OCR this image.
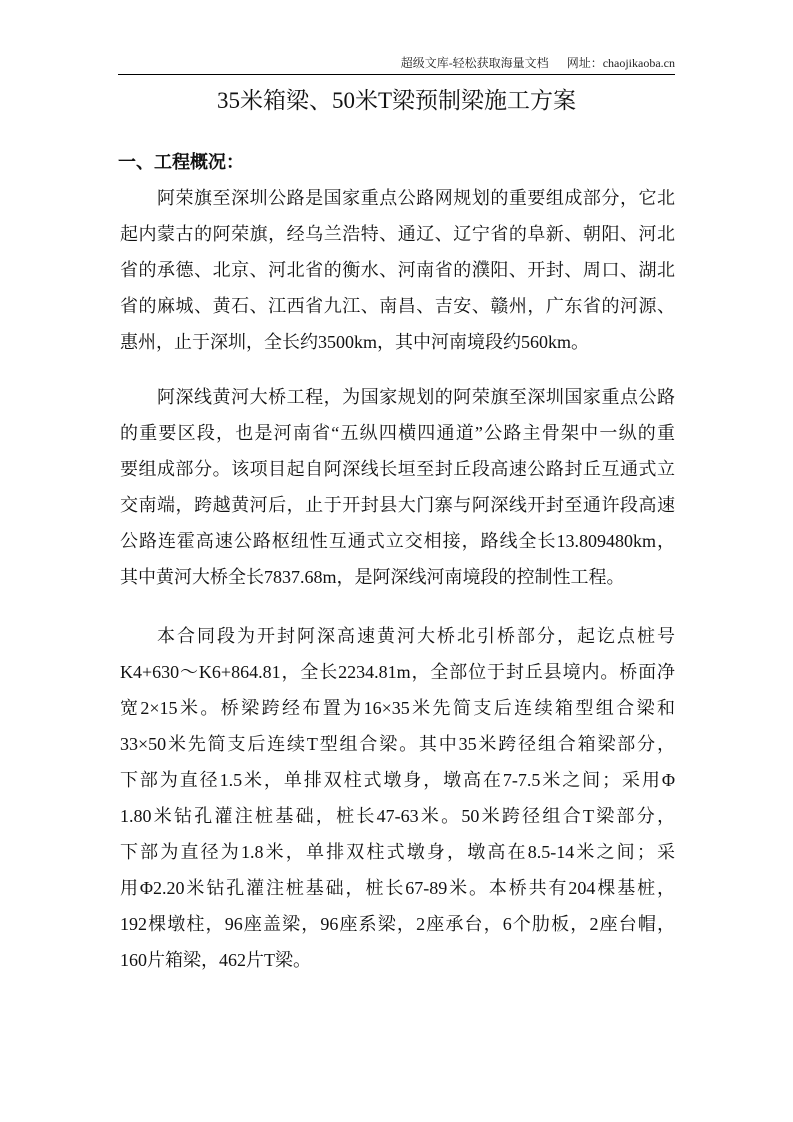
超级文库-轻松获取海量文档 网址：chaojikaoba.cn
35米箱梁、50米T梁预制梁施工方案
一、工程概况：
阿荣旗至深圳公路是国家重点公路网规划的重要组成部分，它北
起内蒙古的阿荣旗，经乌兰浩特、通辽、辽宁省的阜新、朝阳、河北
省的承德、北京、河北省的衡水、河南省的濮阳、开封、周口、湖北
省的麻城、黄石、江西省九江、南昌、吉安、赣州，广东省的河源、
惠州，止于深圳，全长约3500km，其中河南境段约560km。
阿深线黄河大桥工程，为国家规划的阿荣旗至深圳国家重点公路
的重要区段，也是河南省“五纵四横四通道”公路主骨架中一纵的重
要组成部分。该项目起自阿深线长垣至封丘段高速公路封丘互通式立
交南端，跨越黄河后，止于开封县大门寨与阿深线开封至通许段高速
公路连霍高速公路枢纽性互通式立交相接，路线全长13.809480km，
其中黄河大桥全长7837.68m，是阿深线河南境段的控制性工程。
本合同段为开封阿深高速黄河大桥北引桥部分，起讫点桩号
K4+630～K6+864.81，全长2234.81m，全部位于封丘县境内。桥面净
宽2×15米。桥梁跨经布置为16×35米先简支后连续箱型组合梁和
33×50米先简支后连续T型组合梁。其中35米跨径组合箱梁部分，
下部为直径1.5米，单排双柱式墩身，墩高在7-7.5米之间；采用Φ
1.80米钻孔灌注桩基础，桩长47-63米。50米跨径组合T梁部分，
下部为直径为1.8米，单排双柱式墩身，墩高在8.5-14米之间；采
用Φ2.20米钻孔灌注桩基础，桩长67-89米。本桥共有204棵基桩，
192棵墩柱，96座盖梁，96座系梁，2座承台，6个肋板，2座台帽，
160片箱梁，462片T梁。
